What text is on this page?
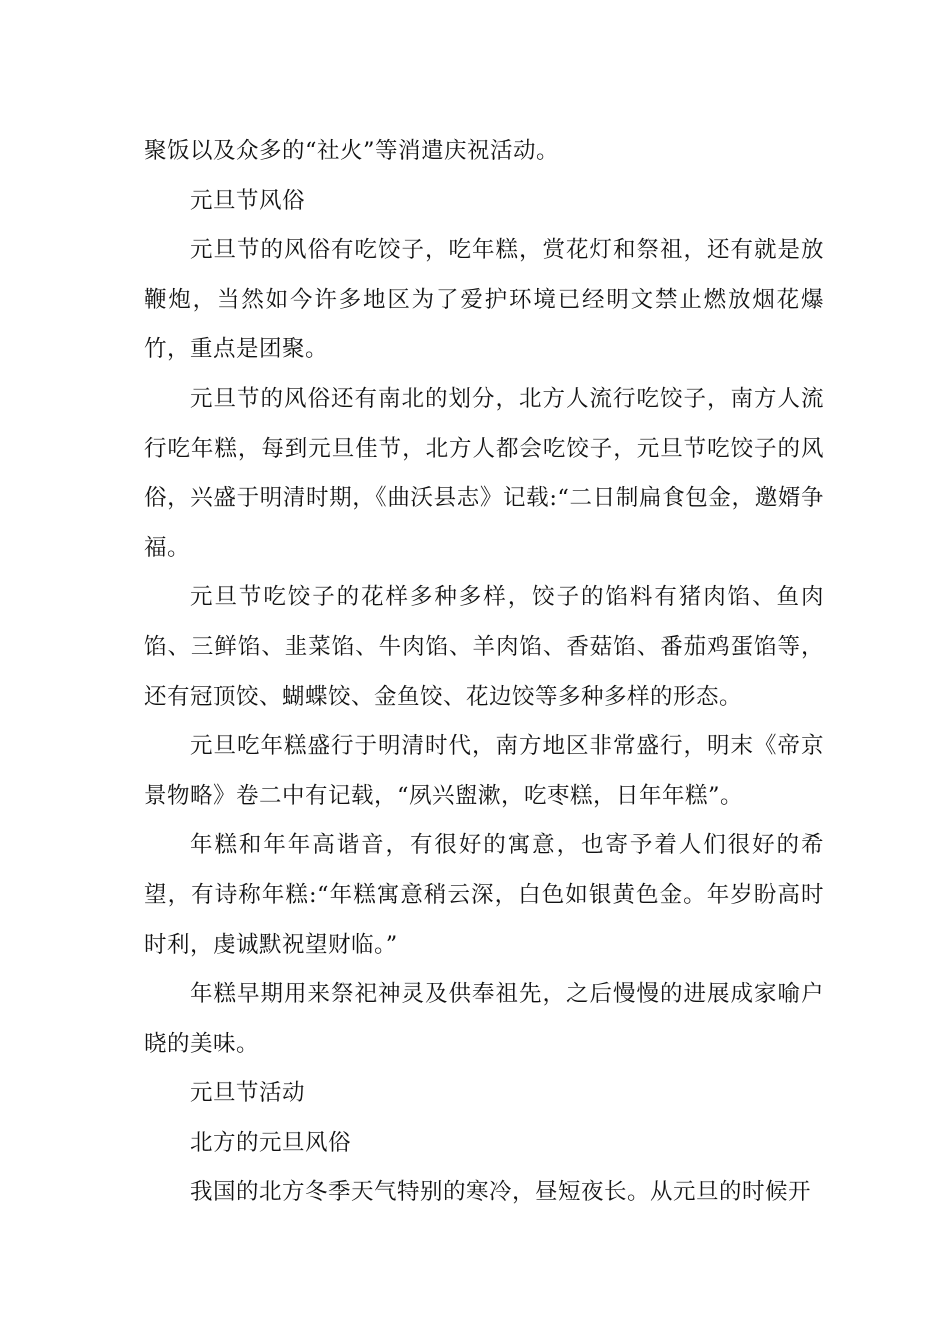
聚饭以及众多的“社火”等消遣庆祝活动。

元旦节风俗

元旦节的风俗有吃饺子，吃年糕，赏花灯和祭祖，还有就是放鞭炮，当然如今许多地区为了爱护环境已经明文禁止燃放烟花爆竹，重点是团聚。

元旦节的风俗还有南北的划分，北方人流行吃饺子，南方人流行吃年糕，每到元旦佳节，北方人都会吃饺子，元旦节吃饺子的风俗，兴盛于明清时期，《曲沃县志》记载:“二日制扁食包金，邀婿争福。

元旦节吃饺子的花样多种多样，饺子的馅料有猪肉馅、鱼肉馅、三鲜馅、韭菜馅、牛肉馅、羊肉馅、香菇馅、番茄鸡蛋馅等，还有冠顶饺、蝴蝶饺、金鱼饺、花边饺等多种多样的形态。

元旦吃年糕盛行于明清时代，南方地区非常盛行，明末《帝京景物略》卷二中有记载，“夙兴盥漱，吃枣糕，日年年糕”。

年糕和年年高谐音，有很好的寓意，也寄予着人们很好的希望，有诗称年糕:“年糕寓意稍云深，白色如银黄色金。年岁盼高时时利，虔诚默祝望财临。”

年糕早期用来祭祀神灵及供奉祖先，之后慢慢的进展成家喻户晓的美味。

元旦节活动

北方的元旦风俗

我国的北方冬季天气特别的寒冷，昼短夜长。从元旦的时候开
